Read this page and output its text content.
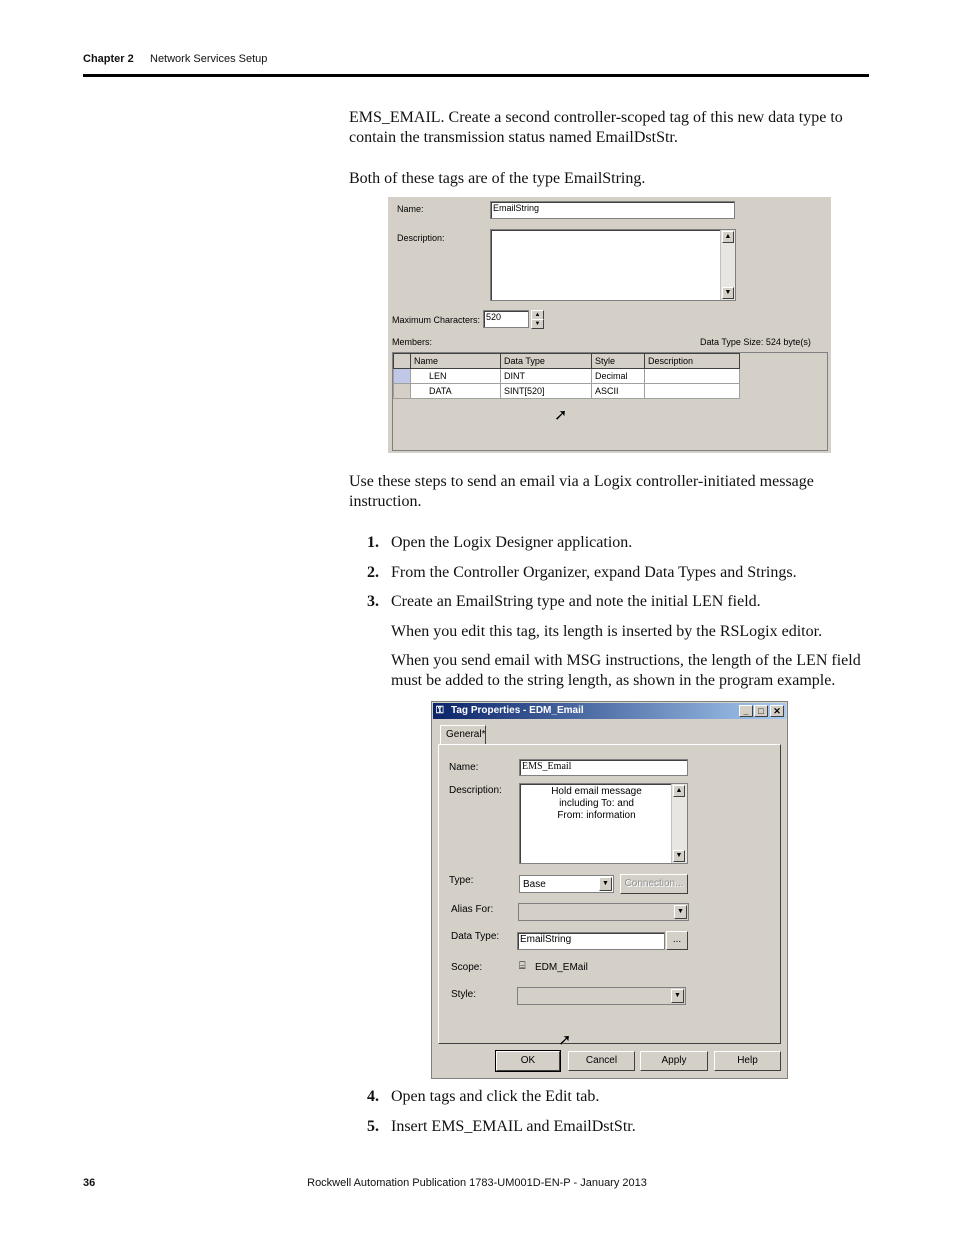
Chapter 2 Network Services Setup
EMS_EMAIL. Create a second controller-scoped tag of this new data type to contain the transmission status named EmailDstStr.
Both of these tags are of the type EmailString.
Name:	EmailString
Description:	▲
▼
Maximum Characters: 520	▲
▼
Members:	Data Type Size: 524 byte(s)
	Name	Data Type	Style	Description
	LEN	DINT	Decimal	
	DATA	SINT[520]	ASCII	
➚
Use these steps to send an email via a Logix controller-initiated message instruction.
1. Open the Logix Designer application.
2. From the Controller Organizer, expand Data Types and Strings.
3. Create an EmailString type and note the initial LEN field.
When you edit this tag, its length is inserted by the RSLogix editor.
When you send email with MSG instructions, the length of the LEN field must be added to the string length, as shown in the program example.
⚿ Tag Properties - EDM_Email	_	□	✕
General*
Name:	EMS_Email
Description:	Hold email message
including To: and
From: information
▲
▼
Type:	Base	▼	Connection...
Alias For:	▼
Data Type:	EmailString	...
Scope:	⌸ EDM_EMail
Style:	▼
OK	Cancel	Apply	Help
➚
4. Open tags and click the Edit tab.
5. Insert EMS_EMAIL and EmailDstStr.
36	Rockwell Automation Publication 1783-UM001D-EN-P - January 2013
